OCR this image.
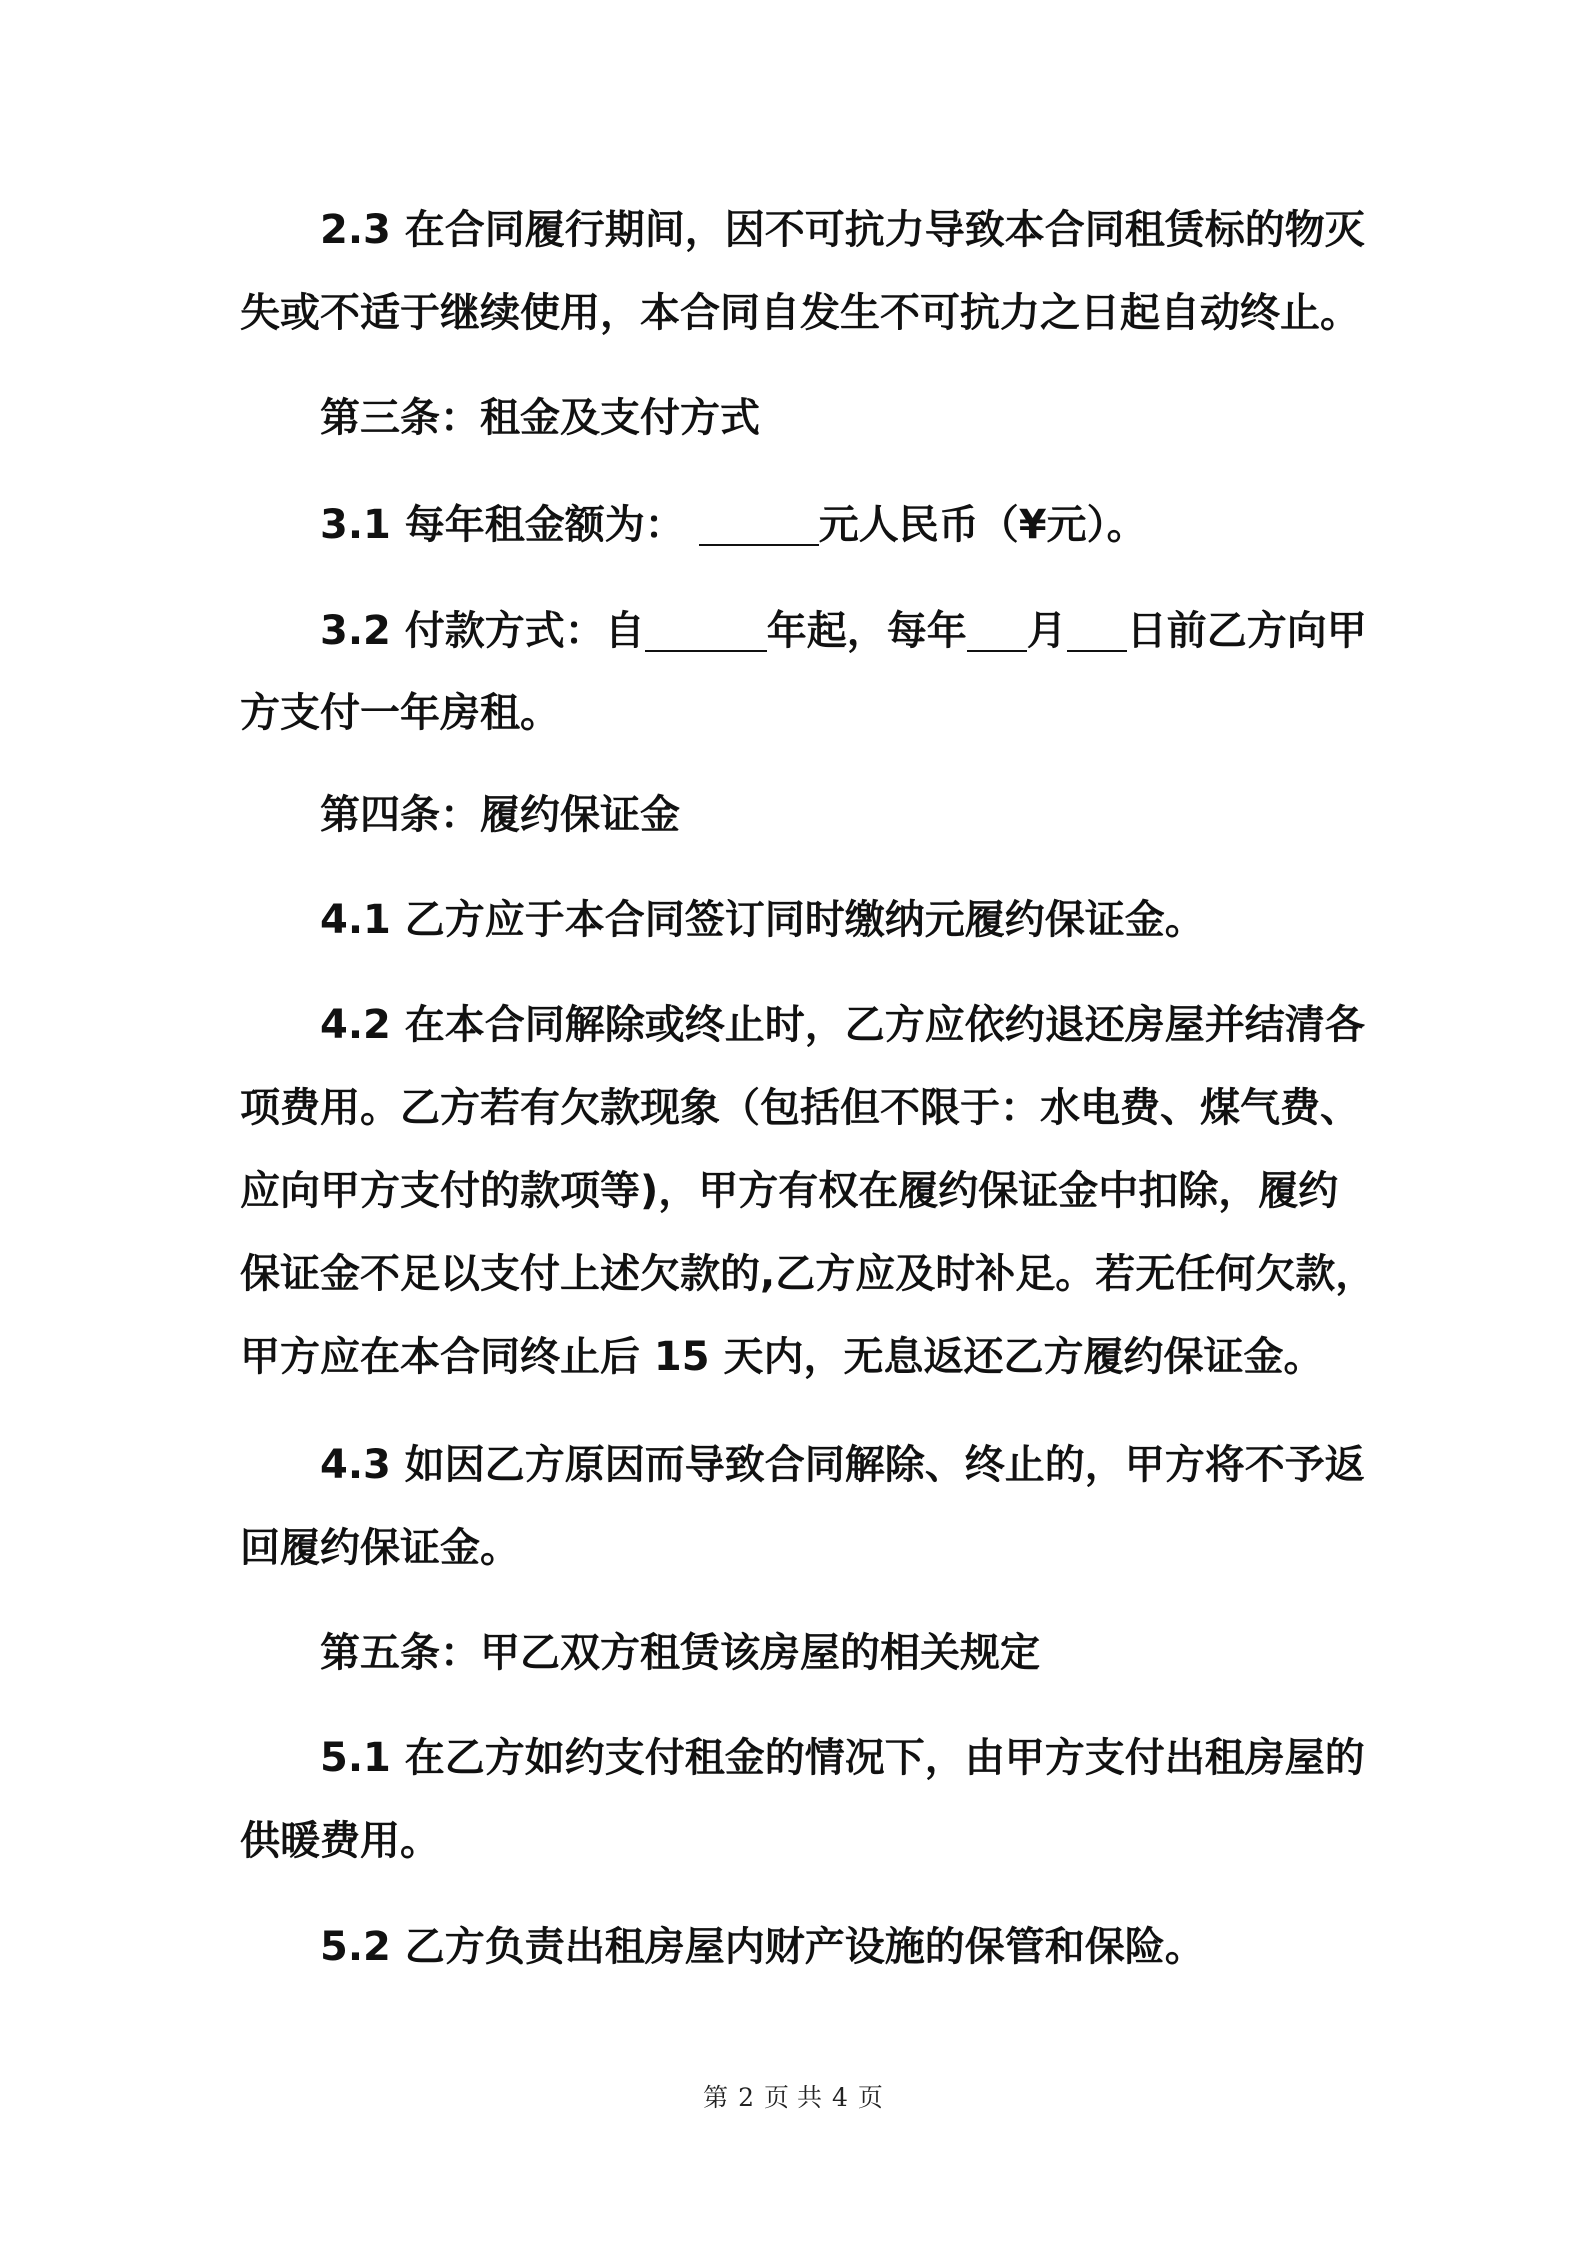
2.3 在合同履行期间，因不可抗力导致本合同租赁标的物灭
失或不适于继续使用，本合同自发生不可抗力之日起自动终止。
第三条：租金及支付方式
3.1 每年租金额为：	元人民币（¥元）。
3.2 付款方式：自	年起，每年 月 日前乙方向甲
方支付一年房租。
第四条：履约保证金
4.1 乙方应于本合同签订同时缴纳元履约保证金。
4.2 在本合同解除或终止时，乙方应依约退还房屋并结清各
项费用。乙方若有欠款现象（包括但不限于：水电费、煤气费、
应向甲方支付的款项等)，甲方有权在履约保证金中扣除，履约
保证金不足以支付上述欠款的,乙方应及时补足。若无任何欠款，
甲方应在本合同终止后 15 天内，无息返还乙方履约保证金。
4.3 如因乙方原因而导致合同解除、终止的，甲方将不予返
回履约保证金。
第五条：甲乙双方租赁该房屋的相关规定
5.1 在乙方如约支付租金的情况下，由甲方支付出租房屋的
供暖费用。
5.2 乙方负责出租房屋内财产设施的保管和保险。
第 2 页 共 4 页
